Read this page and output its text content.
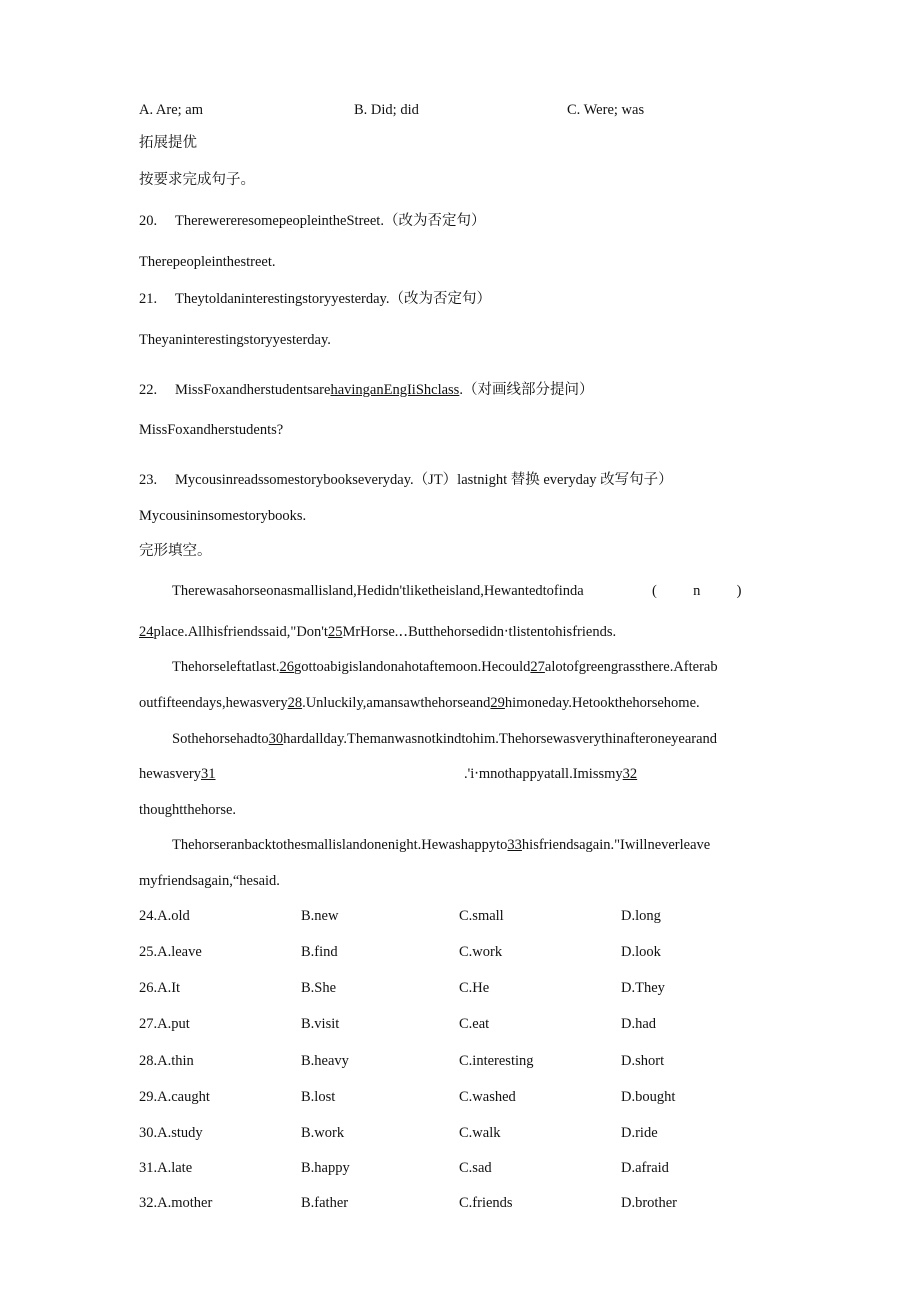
A. Are; am	B. Did; did	C. Were; was
拓展提优
按要求完成句子。
20. TherewereresomepeopleintheStreet.（改为否定句）
Therepeopleinthestreet.
21. Theytoldaninterestingstoryyesterday.（改为否定句）
Theyaninterestingstoryyesterday.
22. MissFoxandherstudentsarehavinganEngIiShclass.（对画线部分提问）
MissFoxandherstudents?
23. Mycousinreadssomestorybookseveryday.（JT）lastnight 替换 everyday 改写句子）
Mycousininsomestorybooks.
完形填空。
Therewasahorseonasmallisland,Hedidn'tliketheisland,Hewantedtofinda	(          n          )
24place.Allhisfriendssaid,"Don't25MrHorse.‥Butthehorsedidn‧tlistentohisfriends.
Thehorseleftatlast.26gottoabigislandonahotaftemoon.Hecould27alotofgreengrassthere.Afterab
outfifteendays,hewasvery28.Unluckily,amansawthehorseand29himoneday.Hetookthehorsehome.
Sothehorsehadto30hardallday.Themanwasnotkindtohim.Thehorsewasverythinafteroneyearand
hewasvery31	.'i‧mnothappyatall.Imissmy32
thoughtthehorse.
Thehorseranbacktothesmallislandonenight.Hewashappyto33hisfriendsagain."Iwillneverleave
myfriendsagain,“hesaid.
24.A.old	B.new	C.small	D.long
25.A.leave	B.find	C.work	D.look
26.A.It	B.She	C.He	D.They
27.A.put	B.visit	C.eat	D.had
28.A.thin	B.heavy	C.interesting	D.short
29.A.caught	B.lost	C.washed	D.bought
30.A.study	B.work	C.walk	D.ride
31.A.late	B.happy	C.sad	D.afraid
32.A.mother	B.father	C.friends	D.brother
